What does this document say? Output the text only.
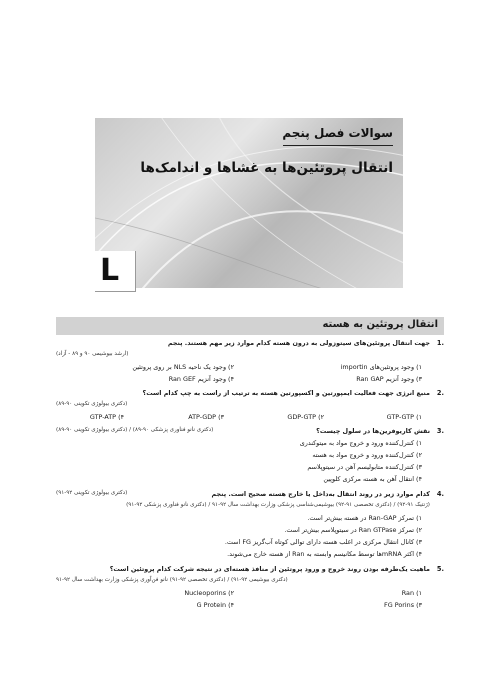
سوالات فصل پنجم
انتقال پروتئین‌ها به غشاها و اندامک‌ها
L
انتقال پروتئین به هسته
.1
جهت انتقال پروتئین‌های سیتوزولی به درون هسته کدام موارد زیر مهم هستند. پنجم
(ارشد بیوشیمی ۹۰ و ۸۹ - آزاد)
۱) وجود پروتئین‌های importin
۲) وجود یک ناحیه NLS بر روی پروتئین
۳) وجود آنزیم Ran GAP
۴) وجود آنزیم Ran GEF
.2
منبع انرژی جهت فعالیت ایمپورتین و اکسپورتین هسته به ترتیب از راست به چپ کدام است؟
(دکتری بیولوژی تکوینی ۹۰-۸۹)
۱) GTP-GTP
۲) GDP-GTP
۳) ATP-GDP
۴) GTP-ATP
.3
نقش کاریوفرین‌ها در سلول چیست؟
(دکتری نانو فناوری پزشکی ۹۰-۸۹) / (دکتری بیولوژی تکوینی ۹۰-۸۹)
۱) کنترل‌کننده ورود و خروج مواد به میتوکندری
۲) کنترل‌کننده ورود و خروج مواد به هسته
۳) کنترل‌کننده متابولیسم آهن در سیتوپلاسم
۴) انتقال آهن به هسته مرکزی کلوپین
.4
کدام موارد زیر در روند انتقال به‌داخل یا خارج هسته صحیح است. پنجم
(دکتری بیولوژی تکوینی ۹۲-۹۱)
(ژنتیک ۹۱-۹۲) / (دکتری تخصصی ۹۱-۹۲) بیوشیمی‌شناسی پزشکی وزارت بهداشت سال ۹۲-۹۱ / (دکتری نانو فناوری پزشکی ۹۲-۹۱)
۱) تمرکز Ran-GAP در هسته بیش‌تر است.
۲) تمرکز Ran GTPase در سیتوپلاسم بیش‌تر است.
۳) کانال انتقال مرکزی در اغلب هسته دارای توالی کوتاه آب‌گریز FG است.
۴) اکثر mRNAها توسط مکانیسم وابسته به Ran از هسته خارج می‌شوند.
.5
ماهیت یک‌طرفه بودن روند خروج و ورود پروتئین از منافذ هسته‌ای در نتیجه شرکت کدام پروتئین است؟
(دکتری بیوشیمی ۹۲-۹۱) / (دکتری تخصصی ۹۲-۹۱) نانو فن‌آوری پزشکی وزارت بهداشت سال ۹۲-۹۱
۱) Ran
۲) Nucleoporins
۳) FG Porins
۴) G Protein
